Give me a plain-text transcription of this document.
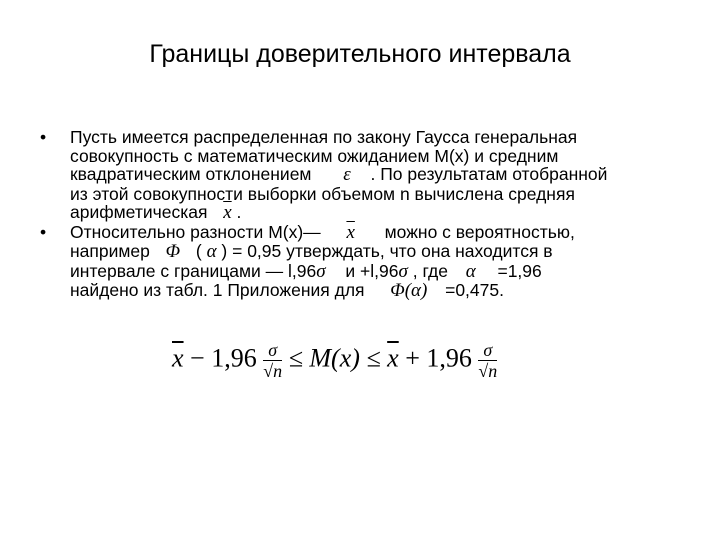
Границы доверительного интервала
• Пусть имеется распределенная по закону Гаусса генеральная
совокупность с математическим ожиданием М(х) и средним
квадратическим отклонением ε . По результатам отобранной
из этой совокупности выборки объемом n вычислена средняя
арифметическая $\overline{x}$ .
• Относительно разности М(х)— $\overline{x}$ можно с вероятностью,
например Φ ( α ) = 0,95 утверждать, что она находится в
интервале с границами — l,96σ и +l,96σ , где α =1,96
найдено из табл. 1 Приложения для Φ(α) =0,475.
$\overline{x} - 1,96 \frac{\sigma}{√n} \le M(x) \le \overline{x} + 1,96 \frac{\sigma}{√n}$
